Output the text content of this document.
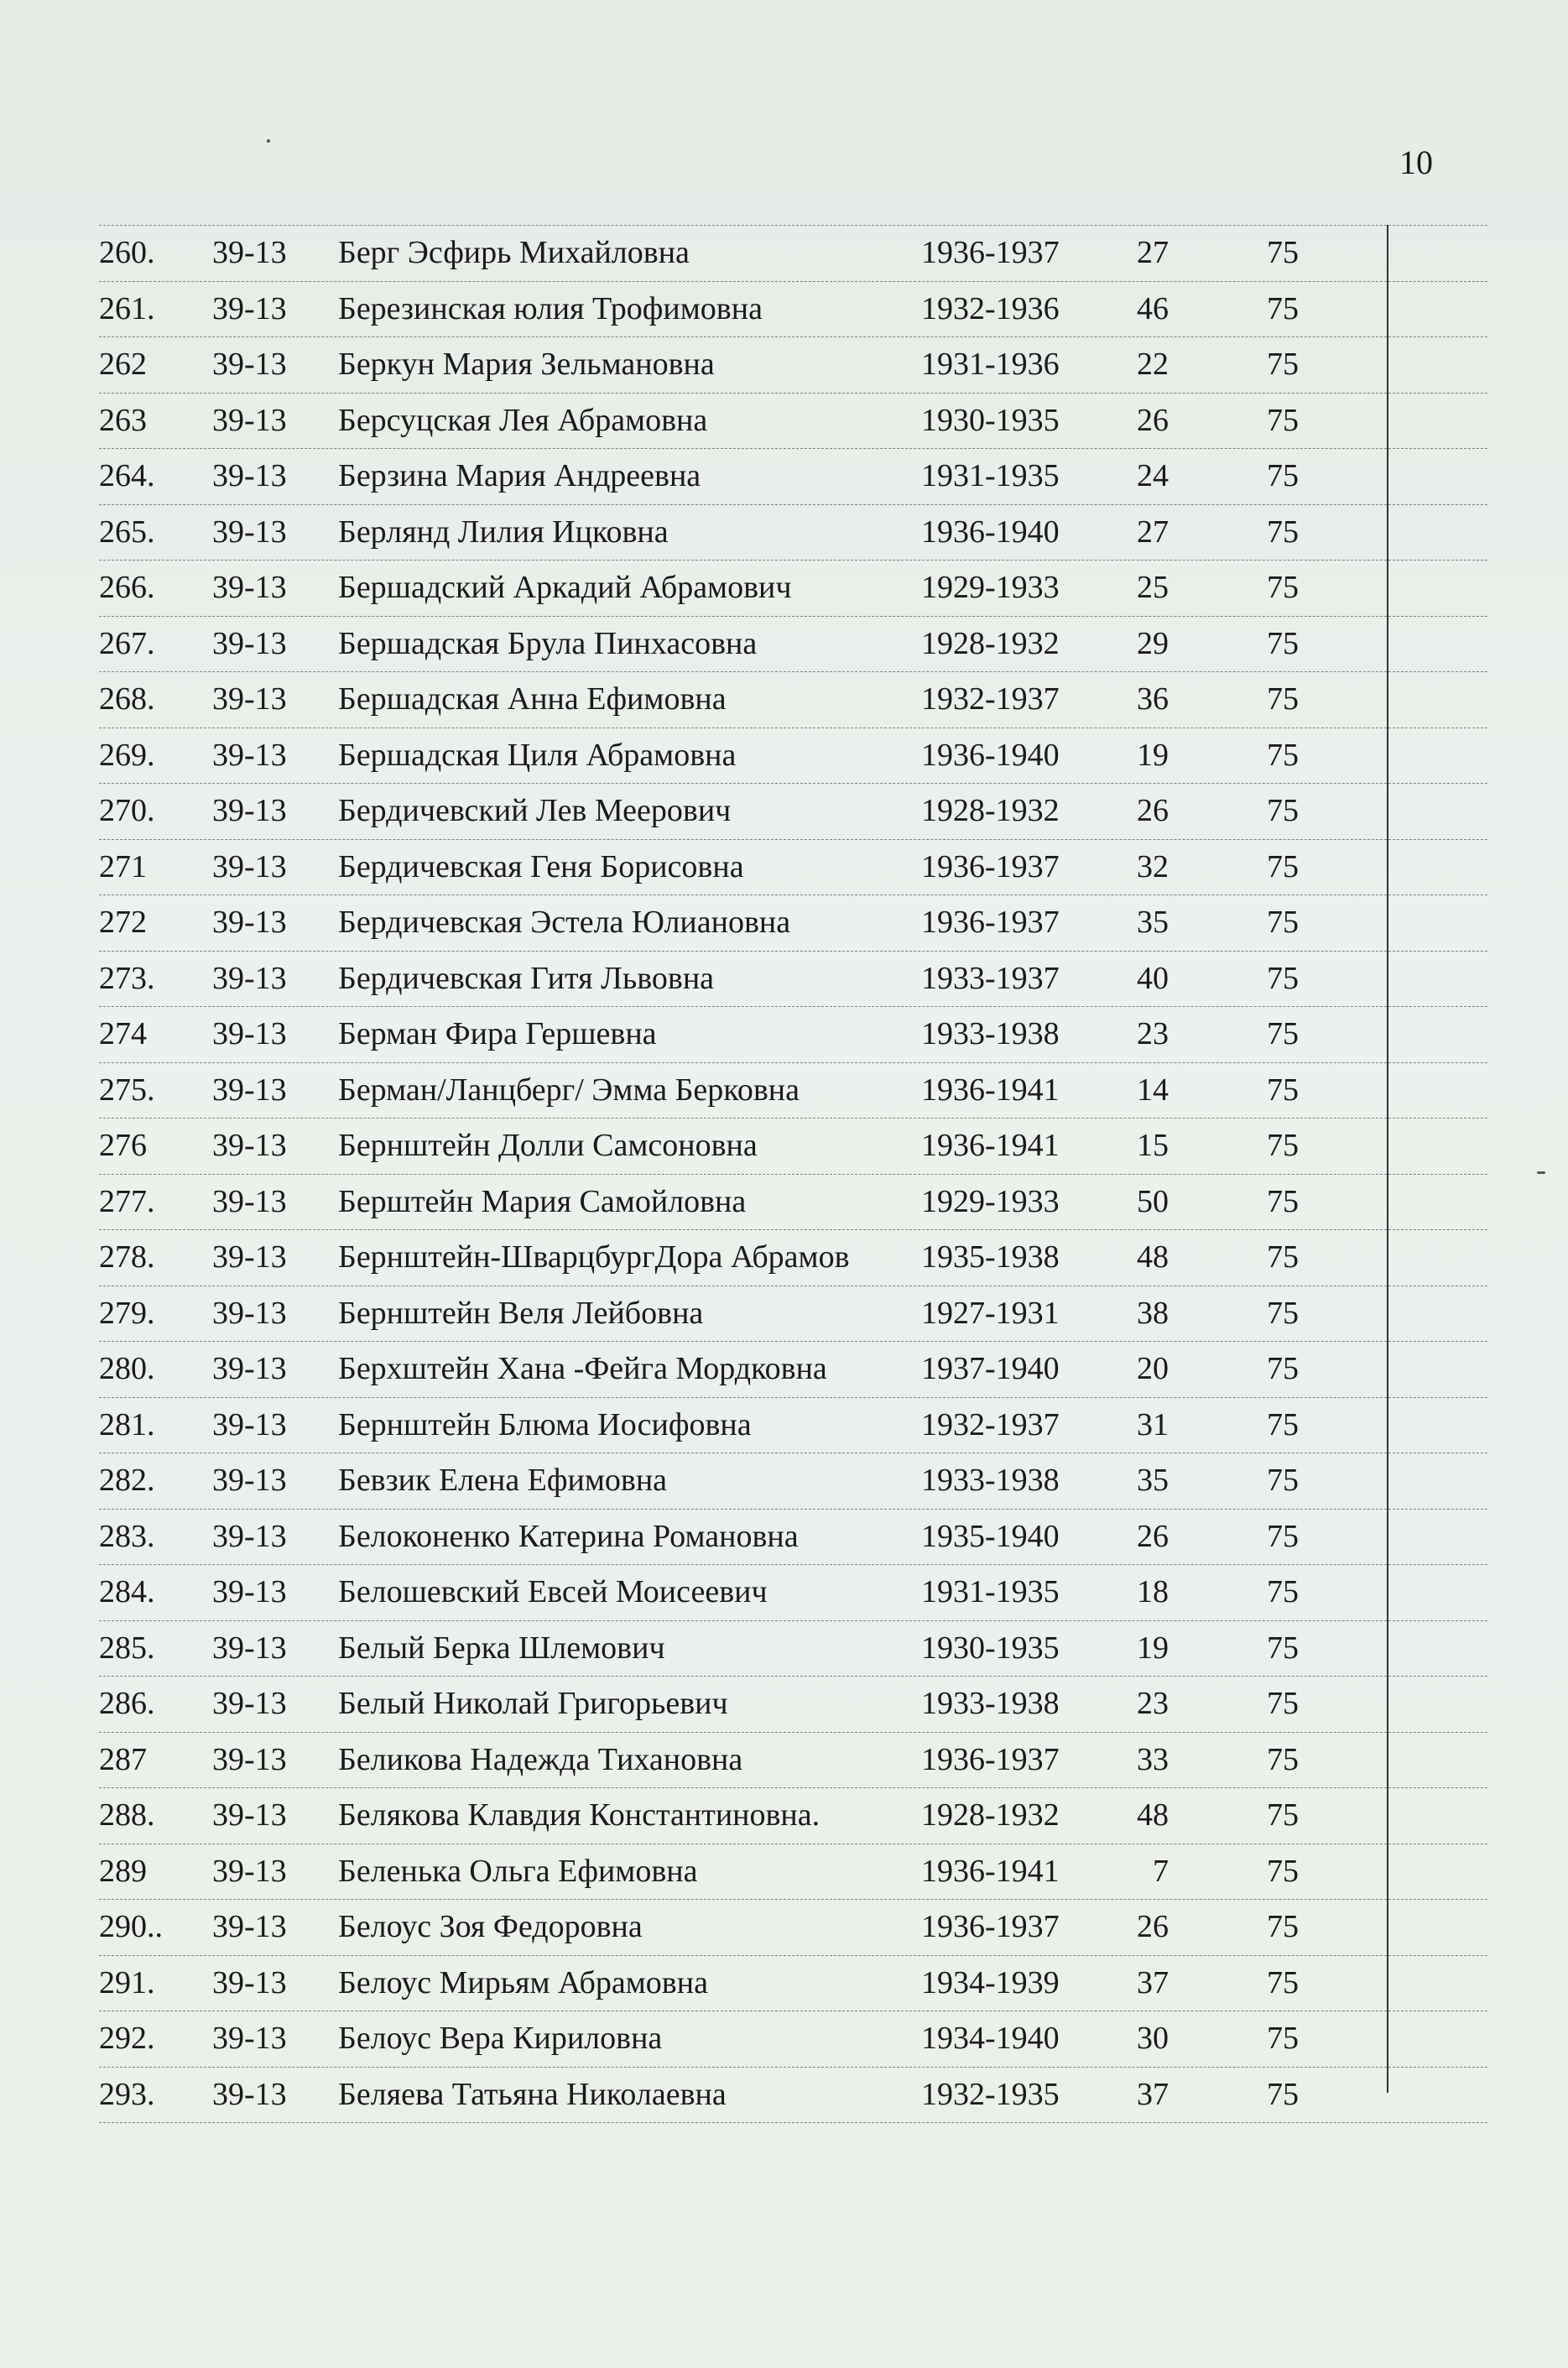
10
260.	39-13	Берг Эсфирь Михайловна	1936-1937	27	75
261.	39-13	Березинская юлия Трофимовна	1932-1936	46	75
262	39-13	Беркун Мария Зельмановна	1931-1936	22	75
263	39-13	Берсуцская Лея Абрамовна	1930-1935	26	75
264.	39-13	Берзина Мария Андреевна	1931-1935	24	75
265.	39-13	Берлянд Лилия Ицковна	1936-1940	27	75
266.	39-13	Бершадский Аркадий Абрамович	1929-1933	25	75
267.	39-13	Бершадская Брула Пинхасовна	1928-1932	29	75
268.	39-13	Бершадская Анна Ефимовна	1932-1937	36	75
269.	39-13	Бершадская Циля Абрамовна	1936-1940	19	75
270.	39-13	Бердичевский Лев Меерович	1928-1932	26	75
271	39-13	Бердичевская Геня Борисовна	1936-1937	32	75
272	39-13	Бердичевская Эстела Юлиановна	1936-1937	35	75
273.	39-13	Бердичевская Гитя Львовна	1933-1937	40	75
274	39-13	Берман Фира Гершевна	1933-1938	23	75
275.	39-13	Берман/Ланцберг/ Эмма Берковна	1936-1941	14	75
276	39-13	Бернштейн Долли Самсоновна	1936-1941	15	75
277.	39-13	Берштейн Мария Самойловна	1929-1933	50	75
278.	39-13	Бернштейн-ШварцбургДора Абрамов	1935-1938	48	75
279.	39-13	Бернштейн Веля Лейбовна	1927-1931	38	75
280.	39-13	Берхштейн Хана -Фейга Мордковна	1937-1940	20	75
281.	39-13	Бернштейн Блюма Иосифовна	1932-1937	31	75
282.	39-13	Бевзик Елена Ефимовна	1933-1938	35	75
283.	39-13	Белоконенко Катерина Романовна	1935-1940	26	75
284.	39-13	Белошевский Евсей Моисеевич	1931-1935	18	75
285.	39-13	Белый Берка Шлемович	1930-1935	19	75
286.	39-13	Белый Николай Григорьевич	1933-1938	23	75
287	39-13	Беликова Надежда Тихановна	1936-1937	33	75
288.	39-13	Белякова Клавдия Константиновна.	1928-1932	48	75
289	39-13	Беленька Ольга Ефимовна	1936-1941	7	75
290..	39-13	Белоус Зоя Федоровна	1936-1937	26	75
291.	39-13	Белоус Мирьям Абрамовна	1934-1939	37	75
292.	39-13	Белоус Вера Кириловна	1934-1940	30	75
293.	39-13	Беляева Татьяна Николаевна	1932-1935	37	75
